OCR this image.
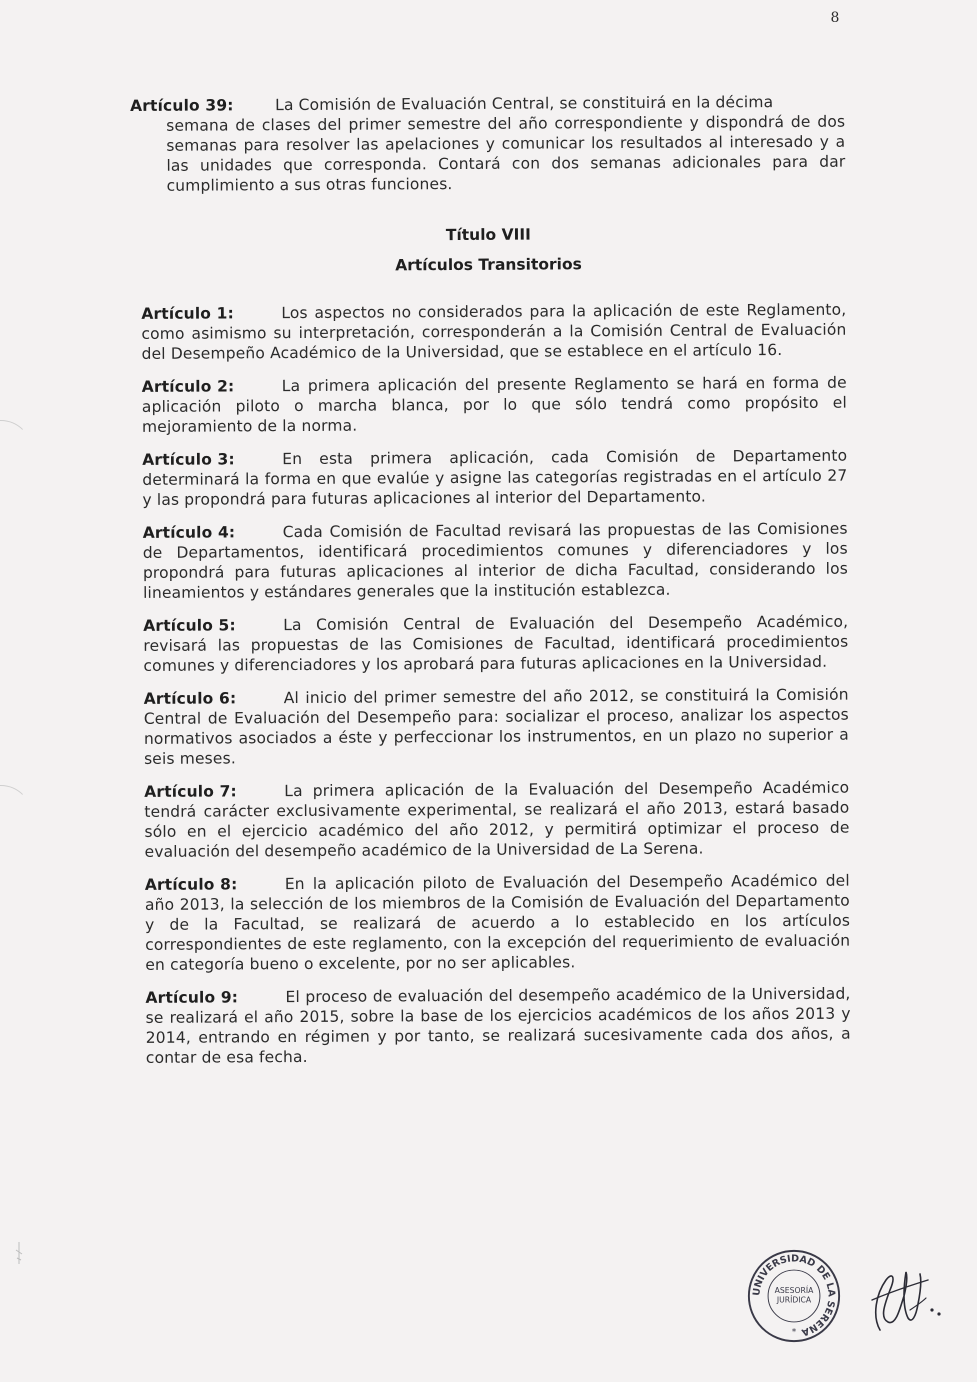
8
Artículo 39:	La Comisión de Evaluación Central, se constituirá en la décima
semana de clases del primer semestre del año correspondiente y dispondrá de dos semanas para resolver las apelaciones y comunicar los resultados al interesado y a las unidades que corresponda. Contará con dos semanas adicionales para dar cumplimiento a sus otras funciones.
Título VIII
Artículos Transitorios
Artículo 1:	Los aspectos no considerados para la aplicación de este Reglamento, como asimismo su interpretación, corresponderán a la Comisión Central de Evaluación del Desempeño Académico de la Universidad, que se establece en el artículo 16.
Artículo 2:	La primera aplicación del presente Reglamento se hará en forma de aplicación piloto o marcha blanca, por lo que sólo tendrá como propósito el mejoramiento de la norma.
Artículo 3:	En esta primera aplicación, cada Comisión de Departamento determinará la forma en que evalúe y asigne las categorías registradas en el artículo 27 y las propondrá para futuras aplicaciones al interior del Departamento.
Artículo 4:	Cada Comisión de Facultad revisará las propuestas de las Comisiones de Departamentos, identificará procedimientos comunes y diferenciadores y los propondrá para futuras aplicaciones al interior de dicha Facultad, considerando los lineamientos y estándares generales que la institución establezca.
Artículo 5:	La Comisión Central de Evaluación del Desempeño Académico, revisará las propuestas de las Comisiones de Facultad, identificará procedimientos comunes y diferenciadores y los aprobará para futuras aplicaciones en la Universidad.
Artículo 6:	Al inicio del primer semestre del año 2012, se constituirá la Comisión Central de Evaluación del Desempeño para: socializar el proceso, analizar los aspectos normativos asociados a éste y perfeccionar los instrumentos, en un plazo no superior a seis meses.
Artículo 7:	La primera aplicación de la Evaluación del Desempeño Académico tendrá carácter exclusivamente experimental, se realizará el año 2013, estará basado sólo en el ejercicio académico del año 2012, y permitirá optimizar el proceso de evaluación del desempeño académico de la Universidad de La Serena.
Artículo 8:	En la aplicación piloto de Evaluación del Desempeño Académico del año 2013, la selección de los miembros de la Comisión de Evaluación del Departamento y de la Facultad, se realizará de acuerdo a lo establecido en los artículos correspondientes de este reglamento, con la excepción del requerimiento de evaluación en categoría bueno o excelente, por no ser aplicables.
Artículo 9:	El proceso de evaluación del desempeño académico de la Universidad, se realizará el año 2015, sobre la base de los ejercicios académicos de los años 2013 y 2014, entrando en régimen y por tanto, se realizará sucesivamente cada dos años, a contar de esa fecha.
UNIVERSIDAD DE LA SERENA
ASESORÍA
JURÍDICA
*
